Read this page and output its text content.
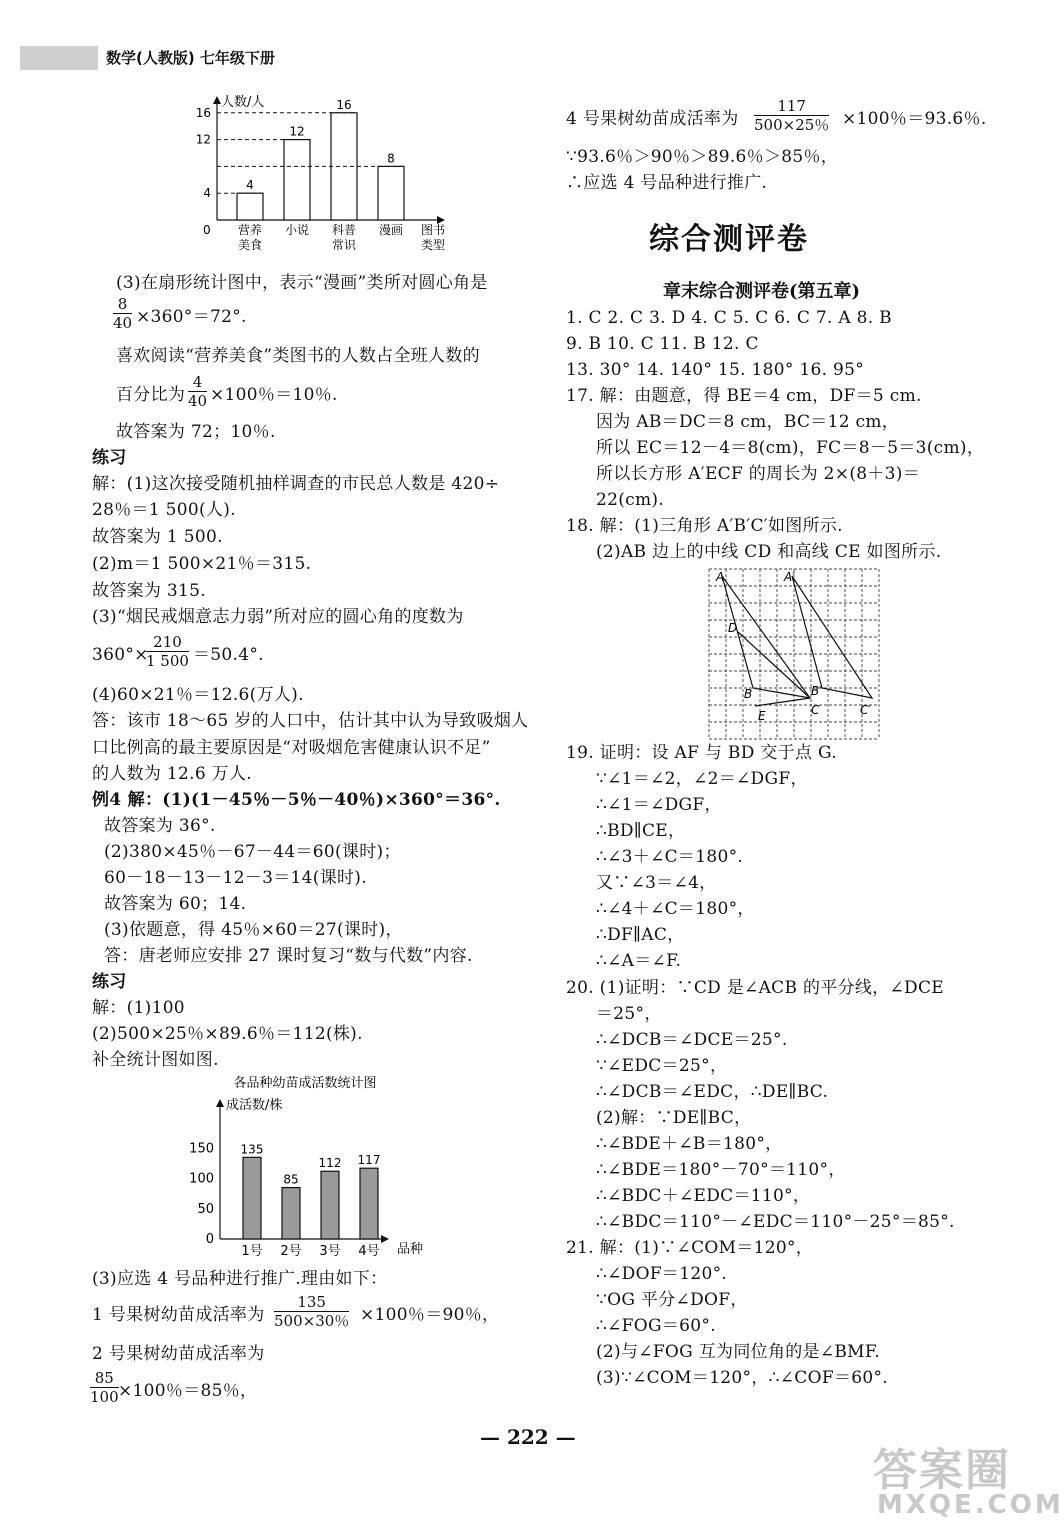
数学(人教版) 七年级下册
人数/人
0
4
营养
美食
12
小说
16
科普
常识
8
漫画
4
12
16
图书
类型
(3)在扇形统计图中，表示“漫画”类所对圆心角是
$\frac{8}{40} \times 360^\circ=72^\circ$.
喜欢阅读“营养美食”类图书的人数占全班人数的
百分比为 $\frac{4}{40} \times 100$％＝10％.
故答案为 72；10％.
练习
解：(1)这次接受随机抽样调查的市民总人数是 420÷
28％＝1 500(人).
故答案为 1 500.
(2)m＝1 500×21％＝315.
故答案为 315.
(3)“烟民戒烟意志力弱”所对应的圆心角的度数为
360°×
$\frac{210}{1 500} =50.4^\circ$.
(4)60×21％＝12.6(万人).
答：该市 18～65 岁的人口中，估计其中认为导致吸烟人
口比例高的最主要原因是“对吸烟危害健康认识不足”
的人数为 12.6 万人.
例4 解：(1)(1－45％－5％－40％)×360°＝36°.
故答案为 36°.
(2)380×45％－67－44＝60(课时)；
60－18－13－12－3＝14(课时).
故答案为 60；14.
(3)依题意，得 45％×60＝27(课时)，
答：唐老师应安排 27 课时复习“数与代数”内容.
练习
解：(1)100
(2)500×25％×89.6％＝112(株).
补全统计图如图.
各品种幼苗成活数统计图
成活数/株
品种
0
50
100
150 135
1号
85
2号
112
3号
117
4号
(3)应选 4 号品种进行推广.理由如下：
1 号果树幼苗成活率为 $\frac{135}{500\times 30\%} \times 100$％＝90％，
2 号果树幼苗成活率为
$\frac{85}{100} \times 100$％＝85％，
4 号果树幼苗成活率为 $\frac{117}{500\times 25\%} \times 100$％＝93.6％.
∵93.6％＞90％＞89.6％＞85％，
∴应选 4 号品种进行推广.
综合测评卷
章末综合测评卷(第五章)
1. C 2. C 3. D 4. C 5. C 6. C 7. A 8. B
9. B 10. C 11. B 12. C
13. 30° 14. 140° 15. 180° 16. 95°
17. 解：由题意，得 BE＝4 cm，DF＝5 cm.
因为 AB＝DC＝8 cm，BC＝12 cm，
所以 EC＝12－4＝8(cm)，FC＝8－5＝3(cm)，
所以长方形 A′ECF 的周长为 2×(8＋3)＝
22(cm).
18. 解：(1)三角形 A′B′C′如图所示.
(2)AB 边上的中线 CD 和高线 CE 如图所示.
A	A′
D
B	B′
C	C′
E
19. 证明：设 AF 与 BD 交于点 G.
∵∠1＝∠2，∠2＝∠DGF，
∴∠1＝∠DGF，
∴BD∥CE，
∴∠3＋∠C＝180°.
又∵∠3＝∠4，
∴∠4＋∠C＝180°，
∴DF∥AC，
∴∠A＝∠F.
20. (1)证明：∵CD 是∠ACB 的平分线，∠DCE
＝25°，
∴∠DCB＝∠DCE＝25°.
∵∠EDC＝25°，
∴∠DCB＝∠EDC，∴DE∥BC.
(2)解：∵DE∥BC，
∴∠BDE＋∠B＝180°，
∴∠BDE＝180°－70°＝110°，
∴∠BDC＋∠EDC＝110°，
∴∠BDC＝110°－∠EDC＝110°－25°＝85°.
21. 解：(1)∵∠COM＝120°，
∴∠DOF＝120°.
∵OG 平分∠DOF，
∴∠FOG＝60°.
(2)与∠FOG 互为同位角的是∠BMF.
(3)∵∠COM＝120°，∴∠COF＝60°.
— 222 —
答案圈
MXQE.COM
